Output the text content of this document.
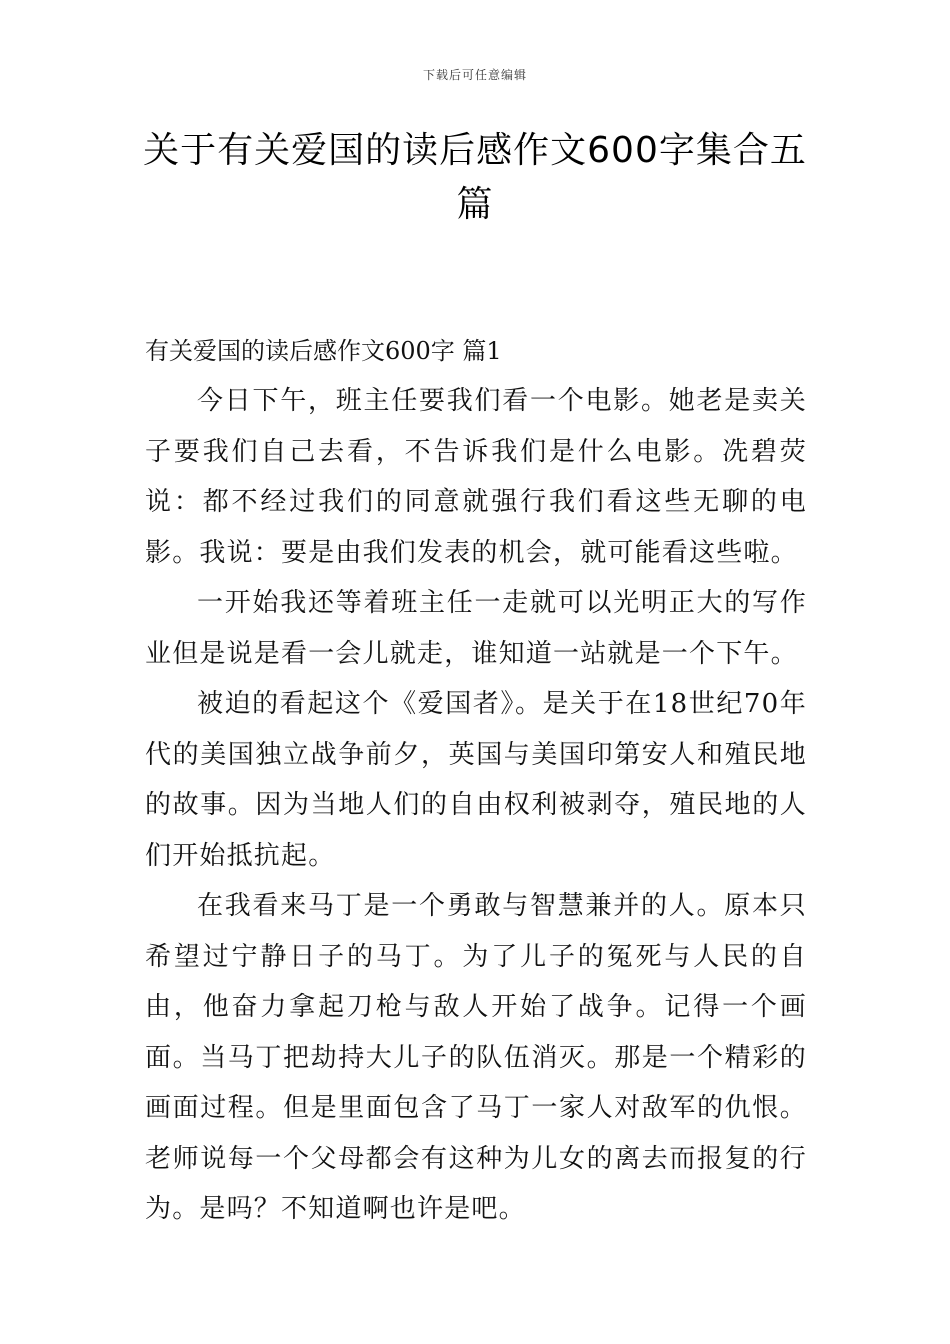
下载后可任意编辑
关于有关爱国的读后感作文600字集合五篇
有关爱国的读后感作文600字 篇1

今日下午，班主任要我们看一个电影。她老是卖关子要我们自己去看，不告诉我们是什么电影。冼碧荧说：都不经过我们的同意就强行我们看这些无聊的电影。我说：要是由我们发表的机会，就可能看这些啦。

一开始我还等着班主任一走就可以光明正大的写作业但是说是看一会儿就走，谁知道一站就是一个下午。

被迫的看起这个《爱国者》。是关于在18世纪70年代的美国独立战争前夕，英国与美国印第安人和殖民地的故事。因为当地人们的自由权利被剥夺，殖民地的人们开始抵抗起。

在我看来马丁是一个勇敢与智慧兼并的人。原本只希望过宁静日子的马丁。为了儿子的冤死与人民的自由，他奋力拿起刀枪与敌人开始了战争。记得一个画面。当马丁把劫持大儿子的队伍消灭。那是一个精彩的画面过程。但是里面包含了马丁一家人对敌军的仇恨。老师说每一个父母都会有这种为儿女的离去而报复的行为。是吗？不知道啊也许是吧。
